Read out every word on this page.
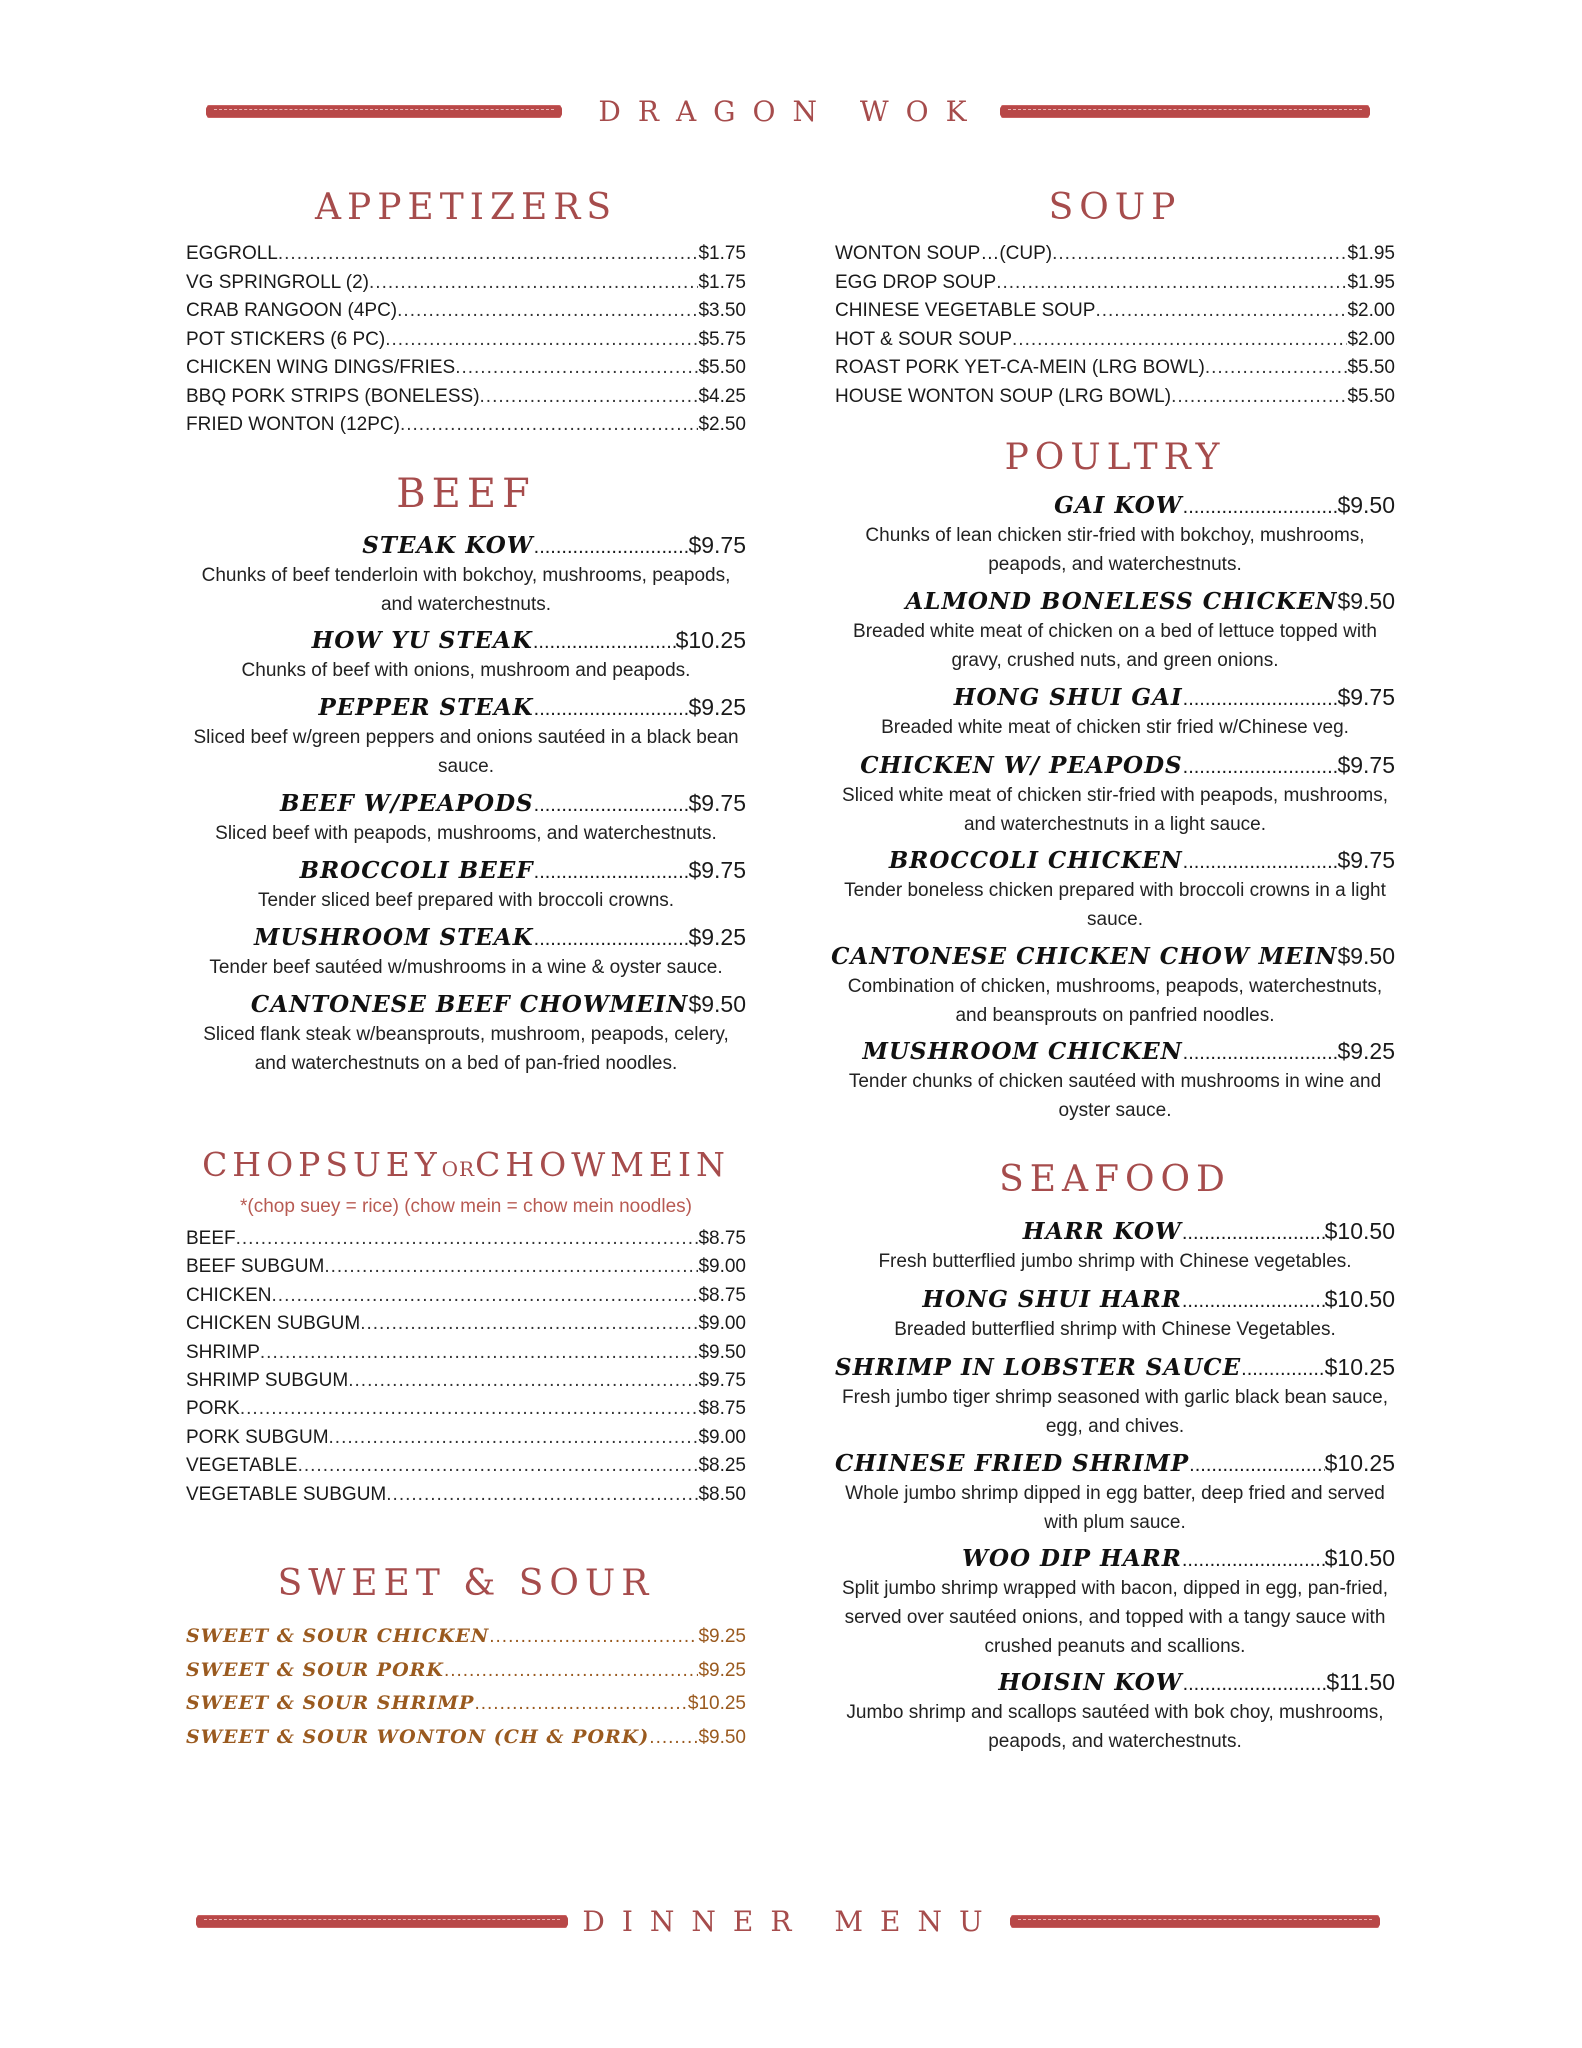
DRAGON WOK
APPETIZERS
EGGROLL .....	$1.75
VG SPRINGROLL (2) .....	$1.75
CRAB RANGOON (4PC) .....	$3.50
POT STICKERS (6 PC) .....	$5.75
CHICKEN WING DINGS/FRIES .....	$5.50
BBQ PORK STRIPS (BONELESS) .....	$4.25
FRIED WONTON (12PC) .....	$2.50
SOUP
WONTON SOUP…(CUP) .....	$1.95
EGG DROP SOUP .....	$1.95
CHINESE VEGETABLE SOUP .....	$2.00
HOT & SOUR SOUP .....	$2.00
ROAST PORK YET-CA-MEIN (LRG BOWL) .....	$5.50
HOUSE WONTON SOUP (LRG BOWL) .....	$5.50
BEEF
STEAK KOW .....	$9.75
Chunks of beef tenderloin with bokchoy, mushrooms, peapods, and waterchestnuts.
HOW YU STEAK .....	$10.25
Chunks of beef with onions, mushroom and peapods.
PEPPER STEAK .....	$9.25
Sliced beef w/green peppers and onions sautéed in a black bean sauce.
BEEF W/PEAPODS .....	$9.75
Sliced beef with peapods, mushrooms, and waterchestnuts.
BROCCOLI BEEF .....	$9.75
Tender sliced beef prepared with broccoli crowns.
MUSHROOM STEAK .....	$9.25
Tender beef sautéed w/mushrooms in a wine & oyster sauce.
CANTONESE BEEF CHOWMEIN $9.50
Sliced flank steak w/beansprouts, mushroom, peapods, celery, and waterchestnuts on a bed of pan-fried noodles.
POULTRY
GAI KOW .....	$9.50
Chunks of lean chicken stir-fried with bokchoy, mushrooms, peapods, and waterchestnuts.
ALMOND BONELESS CHICKEN $9.50
Breaded white meat of chicken on a bed of lettuce topped with gravy, crushed nuts, and green onions.
HONG SHUI GAI .....	$9.75
Breaded white meat of chicken stir fried w/Chinese veg.
CHICKEN W/ PEAPODS .....	$9.75
Sliced white meat of chicken stir-fried with peapods, mushrooms, and waterchestnuts in a light sauce.
BROCCOLI CHICKEN .....	$9.75
Tender boneless chicken prepared with broccoli crowns in a light sauce.
CANTONESE CHICKEN CHOW MEIN $9.50
Combination of chicken, mushrooms, peapods, waterchestnuts, and beansprouts on panfried noodles.
MUSHROOM CHICKEN .....	$9.25
Tender chunks of chicken sautéed with mushrooms in wine and oyster sauce.
CHOPSUEYORCHOWMEIN
*(chop suey = rice) (chow mein = chow mein noodles)
BEEF .....	$8.75
BEEF SUBGUM .....	$9.00
CHICKEN .....	$8.75
CHICKEN SUBGUM .....	$9.00
SHRIMP .....	$9.50
SHRIMP SUBGUM .....	$9.75
PORK .....	$8.75
PORK SUBGUM .....	$9.00
VEGETABLE .....	$8.25
VEGETABLE SUBGUM .....	$8.50
SEAFOOD
HARR KOW .....	$10.50
Fresh butterflied jumbo shrimp with Chinese vegetables.
HONG SHUI HARR .....	$10.50
Breaded butterflied shrimp with Chinese Vegetables.
SHRIMP IN LOBSTER SAUCE .....	$10.25
Fresh jumbo tiger shrimp seasoned with garlic black bean sauce, egg, and chives.
CHINESE FRIED SHRIMP .....	$10.25
Whole jumbo shrimp dipped in egg batter, deep fried and served with plum sauce.
WOO DIP HARR .....	$10.50
Split jumbo shrimp wrapped with bacon, dipped in egg, pan-fried, served over sautéed onions, and topped with a tangy sauce with crushed peanuts and scallions.
HOISIN KOW .....	$11.50
Jumbo shrimp and scallops sautéed with bok choy, mushrooms, peapods, and waterchestnuts.
SWEET & SOUR
SWEET & SOUR CHICKEN .....	$9.25
SWEET & SOUR PORK .....	$9.25
SWEET & SOUR SHRIMP .....	$10.25
SWEET & SOUR WONTON (CH & PORK) .....	$9.50
DINNER MENU
